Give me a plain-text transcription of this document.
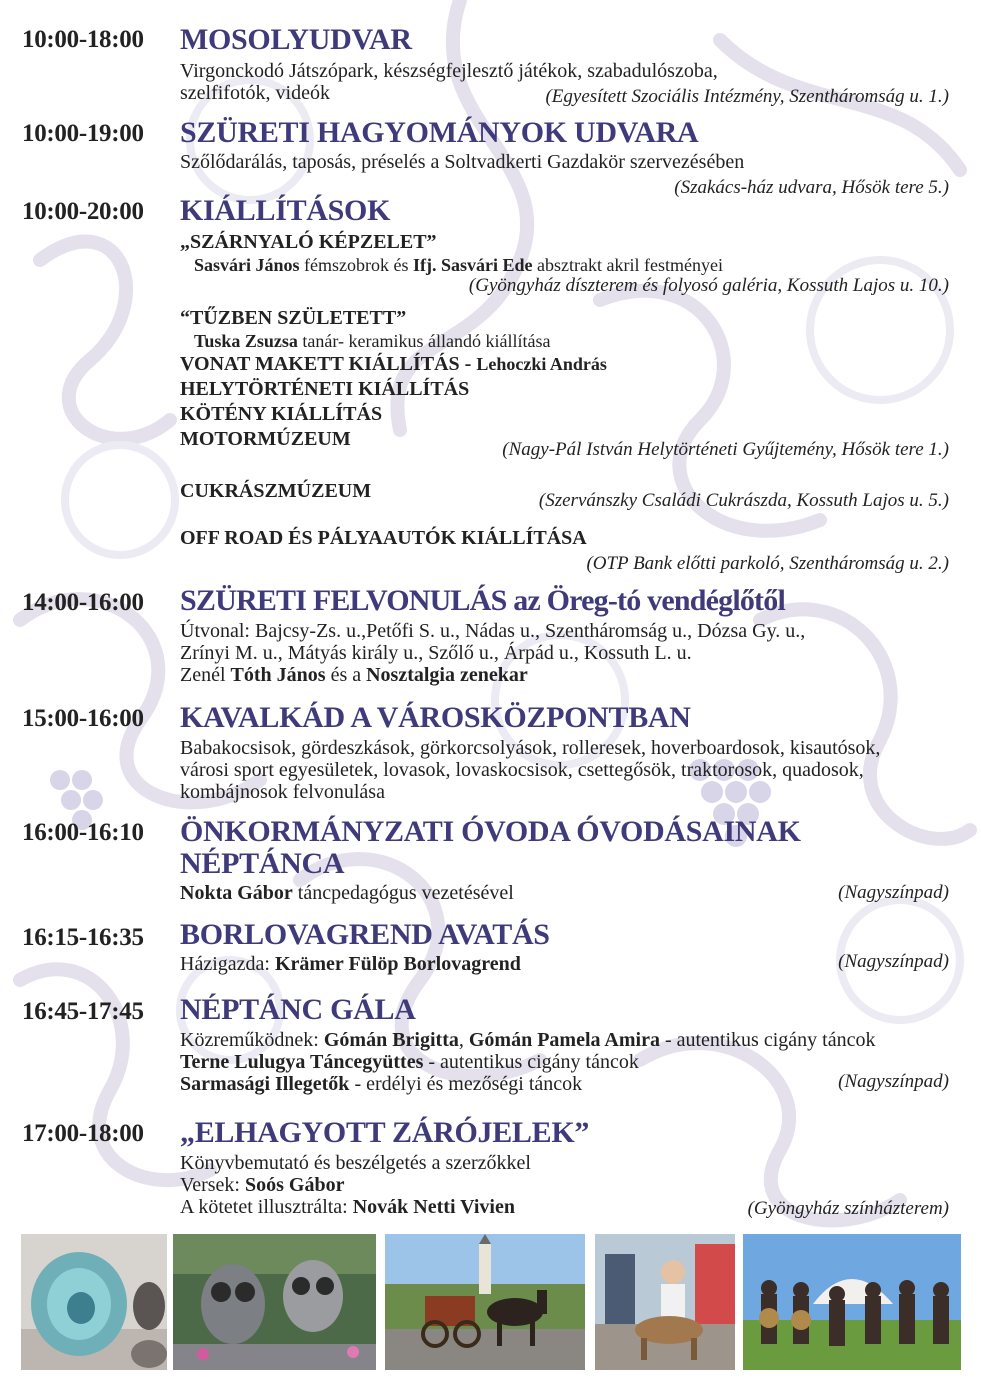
10:00-18:00 MOSOLYUDVAR
Virgonckodó Játszópark, készségfejlesztő játékok, szabadulószoba,
szelfifotók, videók	(Egyesített Szociális Intézmény, Szentháromság u. 1.)
10:00-19:00 SZÜRETI HAGYOMÁNYOK UDVARA
Szőlődarálás, taposás, préselés a Soltvadkerti Gazdakör szervezésében
(Szakács-ház udvara, Hősök tere 5.)
10:00-20:00 KIÁLLÍTÁSOK
„SZÁRNYALÓ KÉPZELET”
Sasvári János fémszobrok és Ifj. Sasvári Ede absztrakt akril festményei
(Gyöngyház díszterem és folyosó galéria, Kossuth Lajos u. 10.)
“TŰZBEN SZÜLETETT”
Tuska Zsuzsa tanár- keramikus állandó kiállítása
VONAT MAKETT KIÁLLÍTÁS - Lehoczki András
HELYTÖRTÉNETI KIÁLLÍTÁS
KÖTÉNY KIÁLLÍTÁS
MOTORMÚZEUM	(Nagy-Pál István Helytörténeti Gyűjtemény, Hősök tere 1.)
CUKRÁSZMÚZEUM	(Szervánszky Családi Cukrászda, Kossuth Lajos u. 5.)
OFF ROAD ÉS PÁLYAAUTÓK KIÁLLÍTÁSA
(OTP Bank előtti parkoló, Szentháromság u. 2.)
14:00-16:00 SZÜRETI FELVONULÁS az Öreg-tó vendéglőtől
Útvonal: Bajcsy-Zs. u.,Petőfi S. u., Nádas u., Szentháromság u., Dózsa Gy. u.,
Zrínyi M. u., Mátyás király u., Szőlő u., Árpád u., Kossuth L. u.
Zenél Tóth János és a Nosztalgia zenekar
15:00-16:00 KAVALKÁD A VÁROSKÖZPONTBAN
Babakocsisok, gördeszkások, görkorcsolyások, rolleresek, hoverboardosok, kisautósok,
városi sport egyesületek, lovasok, lovaskocsisok, csettegősök, traktorosok, quadosok,
kombájnosok felvonulása
16:00-16:10 ÖNKORMÁNYZATI ÓVODA ÓVODÁSAINAK
NÉPTÁNCA
Nokta Gábor táncpedagógus vezetésével	(Nagyszínpad)
16:15-16:35 BORLOVAGREND AVATÁS
Házigazda: Krämer Fülöp Borlovagrend	(Nagyszínpad)
16:45-17:45 NÉPTÁNC GÁLA
Közreműködnek: Gómán Brigitta, Gómán Pamela Amira - autentikus cigány táncok
Terne Lulugya Táncegyüttes - autentikus cigány táncok
Sarmasági Illegetők - erdélyi és mezőségi táncok	(Nagyszínpad)
17:00-18:00 „ELHAGYOTT ZÁRÓJELEK”
Könyvbemutató és beszélgetés a szerzőkkel
Versek: Soós Gábor
A kötetet illusztrálta: Novák Netti Vivien	(Gyöngyház színházterem)
